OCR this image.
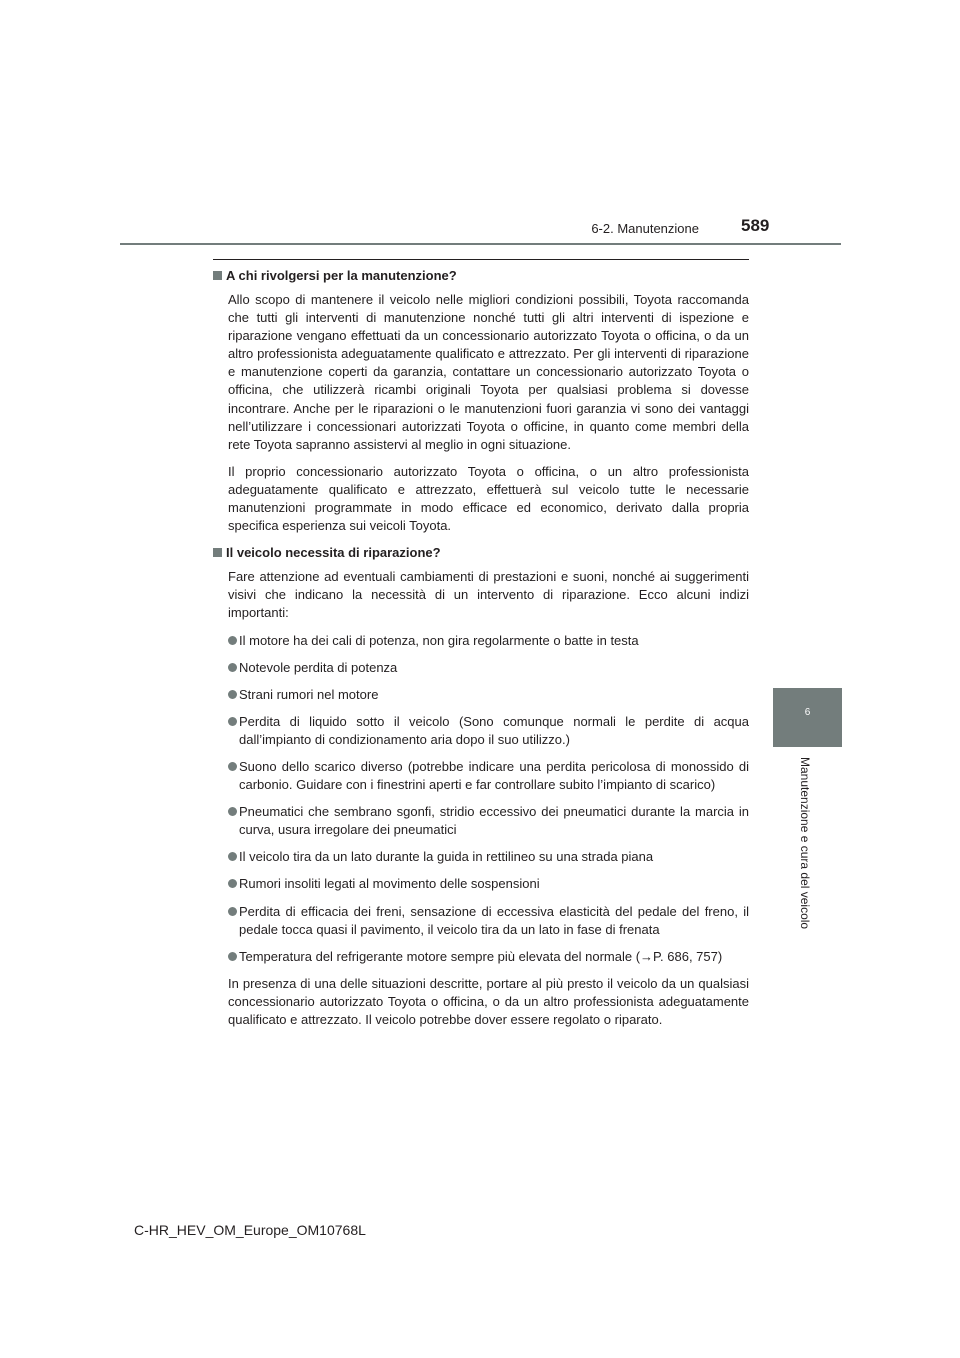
6-2. Manutenzione 589
6
Manutenzione e cura del veicolo
A chi rivolgersi per la manutenzione?

Allo scopo di mantenere il veicolo nelle migliori condizioni possibili, Toyota raccomanda che tutti gli interventi di manutenzione nonché tutti gli altri interventi di ispezione e riparazione vengano effettuati da un concessionario autorizzato Toyota o officina, o da un altro professionista adeguatamente qualificato e attrezzato. Per gli interventi di riparazione e manutenzione coperti da garanzia, contattare un concessionario autorizzato Toyota o officina, che utilizzerà ricambi originali Toyota per qualsiasi problema si dovesse incontrare. Anche per le riparazioni o le manutenzioni fuori garanzia vi sono dei vantaggi nell’utilizzare i concessionari autorizzati Toyota o officine, in quanto come membri della rete Toyota sapranno assistervi al meglio in ogni situazione.

Il proprio concessionario autorizzato Toyota o officina, o un altro professionista adeguatamente qualificato e attrezzato, effettuerà sul veicolo tutte le necessarie manutenzioni programmate in modo efficace ed economico, derivato dalla propria specifica esperienza sui veicoli Toyota.

Il veicolo necessita di riparazione?

Fare attenzione ad eventuali cambiamenti di prestazioni e suoni, nonché ai suggerimenti visivi che indicano la necessità di un intervento di riparazione. Ecco alcuni indizi importanti:

Il motore ha dei cali di potenza, non gira regolarmente o batte in testa
Notevole perdita di potenza
Strani rumori nel motore
Perdita di liquido sotto il veicolo (Sono comunque normali le perdite di acqua dall’impianto di condizionamento aria dopo il suo utilizzo.)
Suono dello scarico diverso (potrebbe indicare una perdita pericolosa di monossido di carbonio. Guidare con i finestrini aperti e far controllare subito l’impianto di scarico)
Pneumatici che sembrano sgonfi, stridio eccessivo dei pneumatici durante la marcia in curva, usura irregolare dei pneumatici
Il veicolo tira da un lato durante la guida in rettilineo su una strada piana
Rumori insoliti legati al movimento delle sospensioni
Perdita di efficacia dei freni, sensazione di eccessiva elasticità del pedale del freno, il pedale tocca quasi il pavimento, il veicolo tira da un lato in fase di frenata
Temperatura del refrigerante motore sempre più elevata del normale (→P. 686, 757)

In presenza di una delle situazioni descritte, portare al più presto il veicolo da un qualsiasi concessionario autorizzato Toyota o officina, o da un altro professionista adeguatamente qualificato e attrezzato. Il veicolo potrebbe dover essere regolato o riparato.

C-HR_HEV_OM_Europe_OM10768L
